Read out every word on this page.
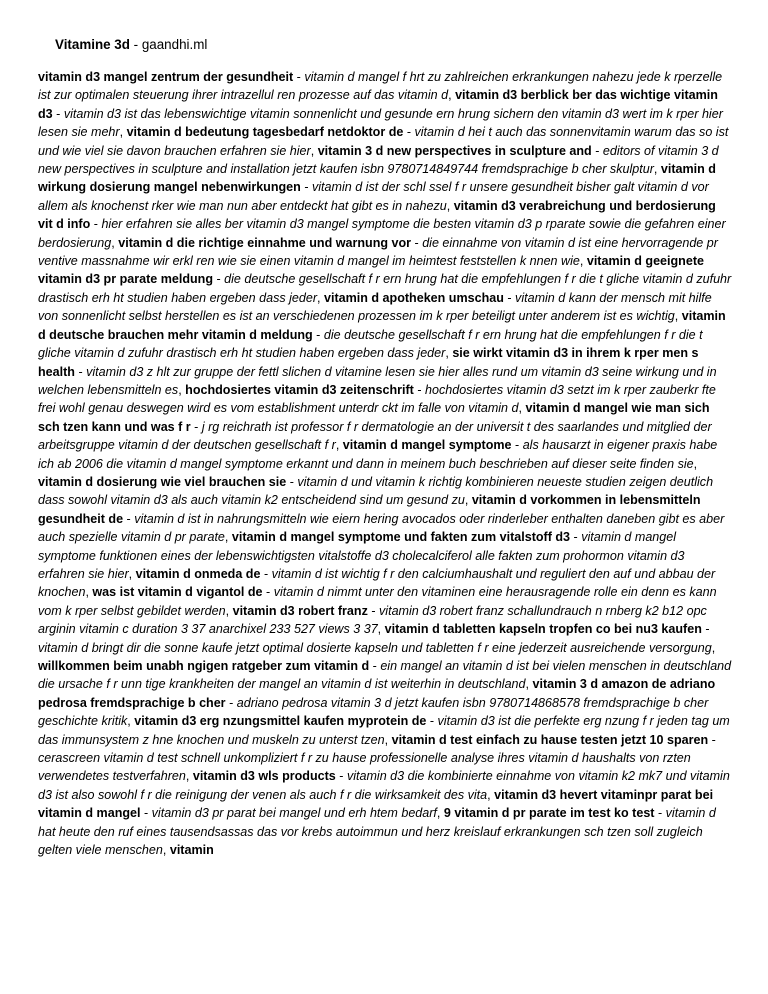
Vitamine 3d - gaandhi.ml
vitamin d3 mangel zentrum der gesundheit - vitamin d mangel f hrt zu zahlreichen erkrankungen nahezu jede k rperzelle ist zur optimalen steuerung ihrer intrazellul ren prozesse auf das vitamin d, vitamin d3 berblick ber das wichtige vitamin d3 - vitamin d3 ist das lebenswichtige vitamin sonnenlicht und gesunde ern hrung sichern den vitamin d3 wert im k rper hier lesen sie mehr, vitamin d bedeutung tagesbedarf netdoktor de - vitamin d hei t auch das sonnenvitamin warum das so ist und wie viel sie davon brauchen erfahren sie hier, vitamin 3 d new perspectives in sculpture and - editors of vitamin 3 d new perspectives in sculpture and installation jetzt kaufen isbn 9780714849744 fremdsprachige b cher skulptur, vitamin d wirkung dosierung mangel nebenwirkungen - vitamin d ist der schl ssel f r unsere gesundheit bisher galt vitamin d vor allem als knochenst rker wie man nun aber entdeckt hat gibt es in nahezu, vitamin d3 verabreichung und berdosierung vit d info - hier erfahren sie alles ber vitamin d3 mangel symptome die besten vitamin d3 p rparate sowie die gefahren einer berdosierung, vitamin d die richtige einnahme und warnung vor - die einnahme von vitamin d ist eine hervorragende pr ventive massnahme wir erkl ren wie sie einen vitamin d mangel im heimtest feststellen k nnen wie, vitamin d geeignete vitamin d3 pr parate meldung - die deutsche gesellschaft f r ern hrung hat die empfehlungen f r die t gliche vitamin d zufuhr drastisch erh ht studien haben ergeben dass jeder, vitamin d apotheken umschau - vitamin d kann der mensch mit hilfe von sonnenlicht selbst herstellen es ist an verschiedenen prozessen im k rper beteiligt unter anderem ist es wichtig, vitamin d deutsche brauchen mehr vitamin d meldung - die deutsche gesellschaft f r ern hrung hat die empfehlungen f r die t gliche vitamin d zufuhr drastisch erh ht studien haben ergeben dass jeder, sie wirkt vitamin d3 in ihrem k rper men s health - vitamin d3 z hlt zur gruppe der fettl slichen d vitamine lesen sie hier alles rund um vitamin d3 seine wirkung und in welchen lebensmitteln es, hochdosiertes vitamin d3 zeitenschrift - hochdosiertes vitamin d3 setzt im k rper zauberkr fte frei wohl genau deswegen wird es vom establishment unterdr ckt im falle von vitamin d, vitamin d mangel wie man sich sch tzen kann und was f r - j rg reichrath ist professor f r dermatologie an der universit t des saarlandes und mitglied der arbeitsgruppe vitamin d der deutschen gesellschaft f r, vitamin d mangel symptome - als hausarzt in eigener praxis habe ich ab 2006 die vitamin d mangel symptome erkannt und dann in meinem buch beschrieben auf dieser seite finden sie, vitamin d dosierung wie viel brauchen sie - vitamin d und vitamin k richtig kombinieren neueste studien zeigen deutlich dass sowohl vitamin d3 als auch vitamin k2 entscheidend sind um gesund zu, vitamin d vorkommen in lebensmitteln gesundheit de - vitamin d ist in nahrungsmitteln wie eiern hering avocados oder rinderleber enthalten daneben gibt es aber auch spezielle vitamin d pr parate, vitamin d mangel symptome und fakten zum vitalstoff d3 - vitamin d mangel symptome funktionen eines der lebenswichtigsten vitalstoffe d3 cholecalciferol alle fakten zum prohormon vitamin d3 erfahren sie hier, vitamin d onmeda de - vitamin d ist wichtig f r den calciumhaushalt und reguliert den auf und abbau der knochen, was ist vitamin d vigantol de - vitamin d nimmt unter den vitaminen eine herausragende rolle ein denn es kann vom k rper selbst gebildet werden, vitamin d3 robert franz - vitamin d3 robert franz schallundrauch n rnberg k2 b12 opc arginin vitamin c duration 3 37 anarchixel 233 527 views 3 37, vitamin d tabletten kapseln tropfen co bei nu3 kaufen - vitamin d bringt dir die sonne kaufe jetzt optimal dosierte kapseln und tabletten f r eine jederzeit ausreichende versorgung, willkommen beim unabh ngigen ratgeber zum vitamin d - ein mangel an vitamin d ist bei vielen menschen in deutschland die ursache f r unn tige krankheiten der mangel an vitamin d ist weiterhin in deutschland, vitamin 3 d amazon de adriano pedrosa fremdsprachige b cher - adriano pedrosa vitamin 3 d jetzt kaufen isbn 9780714868578 fremdsprachige b cher geschichte kritik, vitamin d3 erg nzungsmittel kaufen myprotein de - vitamin d3 ist die perfekte erg nzung f r jeden tag um das immunsystem z hne knochen und muskeln zu unterst tzen, vitamin d test einfach zu hause testen jetzt 10 sparen - cerascreen vitamin d test schnell unkompliziert f r zu hause professionelle analyse ihres vitamin d haushalts von rzten verwendetes testverfahren, vitamin d3 wls products - vitamin d3 die kombinierte einnahme von vitamin k2 mk7 und vitamin d3 ist also sowohl f r die reinigung der venen als auch f r die wirksamkeit des vita, vitamin d3 hevert vitaminpr parat bei vitamin d mangel - vitamin d3 pr parat bei mangel und erh htem bedarf, 9 vitamin d pr parate im test ko test - vitamin d hat heute den ruf eines tausendsassas das vor krebs autoimmun und herz kreislauf erkrankungen sch tzen soll zugleich gelten viele menschen, vitamin
